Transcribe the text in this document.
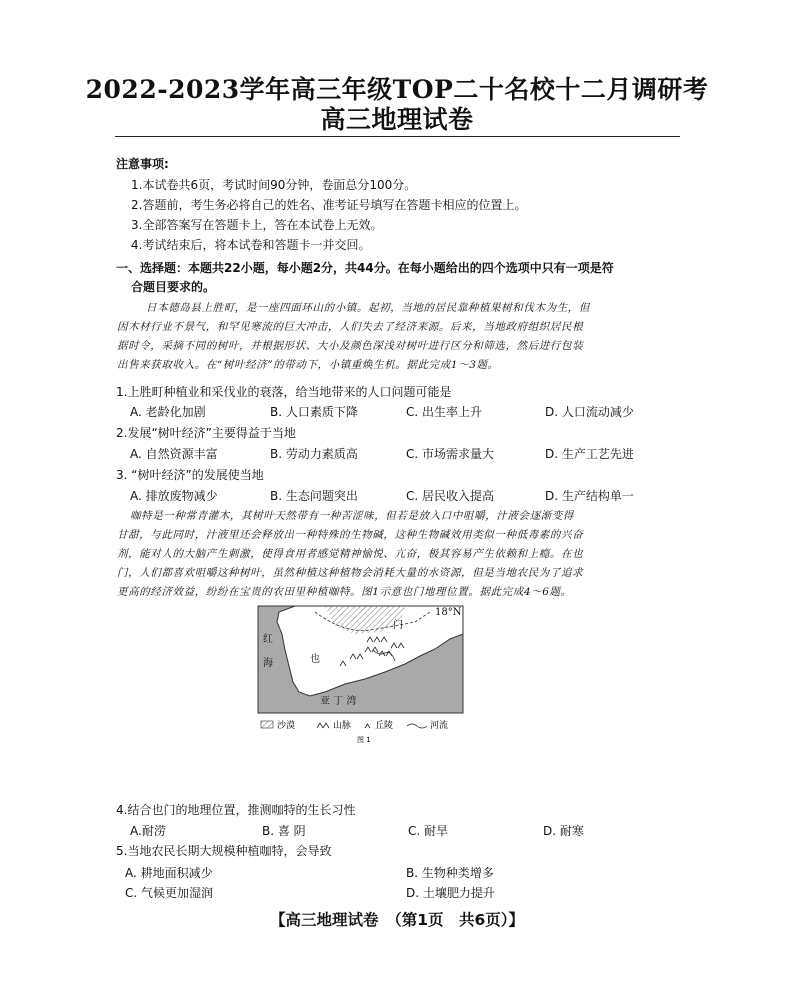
2022-2023学年高三年级TOP二十名校十二月调研考
高三地理试卷
注意事项:
1.本试卷共6页，考试时间90分钟，卷面总分100分。
2.答题前，考生务必将自己的姓名、准考证号填写在答题卡相应的位置上。
3.全部答案写在答题卡上，答在本试卷上无效。
4.考试结束后，将本试卷和答题卡一并交回。
一、选择题：本题共22小题，每小题2分，共44分。在每小题给出的四个选项中只有一项是符
合题目要求的。
日本德岛县上胜町，是一座四面环山的小镇。起初，当地的居民靠种植果树和伐木为生，但
因木材行业不景气，和罕见寒流的巨大冲击，人们失去了经济来源。后来，当地政府组织居民根
据时令，采摘不同的树叶，并根据形状、大小及颜色深浅对树叶进行区分和筛选，然后进行包装
出售来获取收入。在“树叶经济”的带动下，小镇重焕生机。据此完成1～3题。
1.上胜町种植业和采伐业的衰落，给当地带来的人口问题可能是
A. 老龄化加剧	B. 人口素质下降	C. 出生率上升	D. 人口流动减少
2.发展“树叶经济”主要得益于当地
A. 自然资源丰富	B. 劳动力素质高	C. 市场需求量大	D. 生产工艺先进
3. “树叶经济”的发展使当地
A. 排放废物减少	B. 生态问题突出	C. 居民收入提高	D. 生产结构单一
咖特是一种常青灌木，其树叶天然带有一种苦涩味，但若是放入口中咀嚼，汁液会逐渐变得
甘甜，与此同时，汁液里还会释放出一种特殊的生物碱，这种生物碱效用类似一种低毒素的兴奋
剂，能对人的大脑产生刺激，使得食用者感觉精神愉悦、亢奋，极其容易产生依赖和上瘾。在也
门，人们都喜欢咀嚼这种树叶，虽然种植这种植物会消耗大量的水资源，但是当地农民为了追求
更高的经济效益，纷纷在宝贵的农田里种植咖特。图1示意也门地理位置。据此完成4～6题。
18°N
红
海	也
门
亚 丁 湾
沙漠	山脉	丘陵	河流
图 1
4.结合也门的地理位置，推测咖特的生长习性
A.耐涝	B. 喜 阴	C. 耐旱	D. 耐寒
5.当地农民长期大规模种植咖特，会导致
A. 耕地面积减少	B. 生物种类增多
C. 气候更加湿润	D. 土壤肥力提升
【高三地理试卷　（第1页　共6页）】
